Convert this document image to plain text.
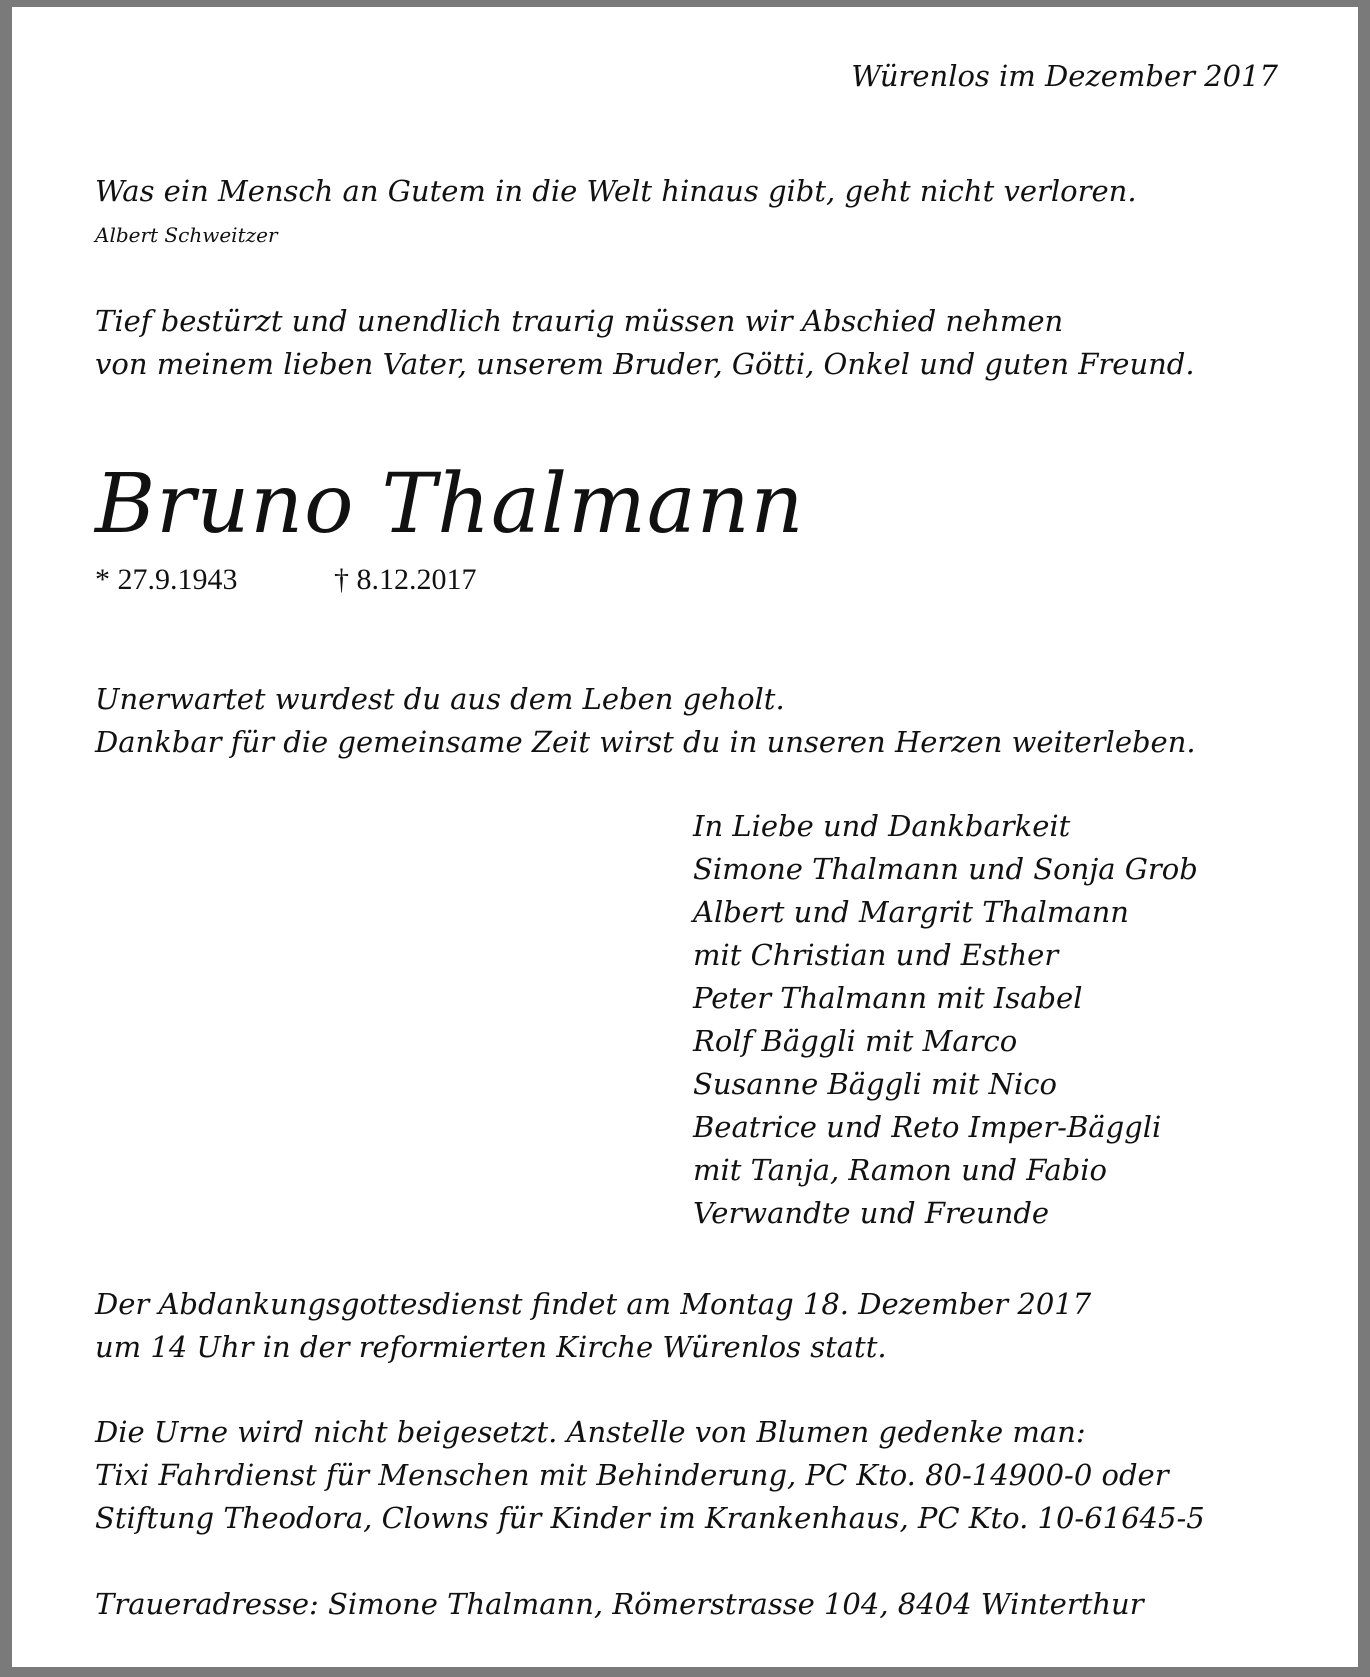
Würenlos im Dezember 2017

Was ein Mensch an Gutem in die Welt hinaus gibt, geht nicht verloren.

Albert Schweitzer

Tief bestürzt und unendlich traurig müssen wir Abschied nehmen

von meinem lieben Vater, unserem Bruder, Götti, Onkel und guten Freund.

Bruno Thalmann

* 27.9.1943	† 8.12.2017

Unerwartet wurdest du aus dem Leben geholt.

Dankbar für die gemeinsame Zeit wirst du in unseren Herzen weiterleben.

In Liebe und Dankbarkeit
Simone Thalmann und Sonja Grob
Albert und Margrit Thalmann
mit Christian und Esther
Peter Thalmann mit Isabel
Rolf Bäggli mit Marco
Susanne Bäggli mit Nico
Beatrice und Reto Imper-Bäggli
mit Tanja, Ramon und Fabio
Verwandte und Freunde

Der Abdankungsgottesdienst findet am Montag 18. Dezember 2017

um 14 Uhr in der reformierten Kirche Würenlos statt.

Die Urne wird nicht beigesetzt. Anstelle von Blumen gedenke man:

Tixi Fahrdienst für Menschen mit Behinderung, PC Kto. 80-14900-0 oder

Stiftung Theodora, Clowns für Kinder im Krankenhaus, PC Kto. 10-61645-5

Traueradresse: Simone Thalmann, Römerstrasse 104, 8404 Winterthur
